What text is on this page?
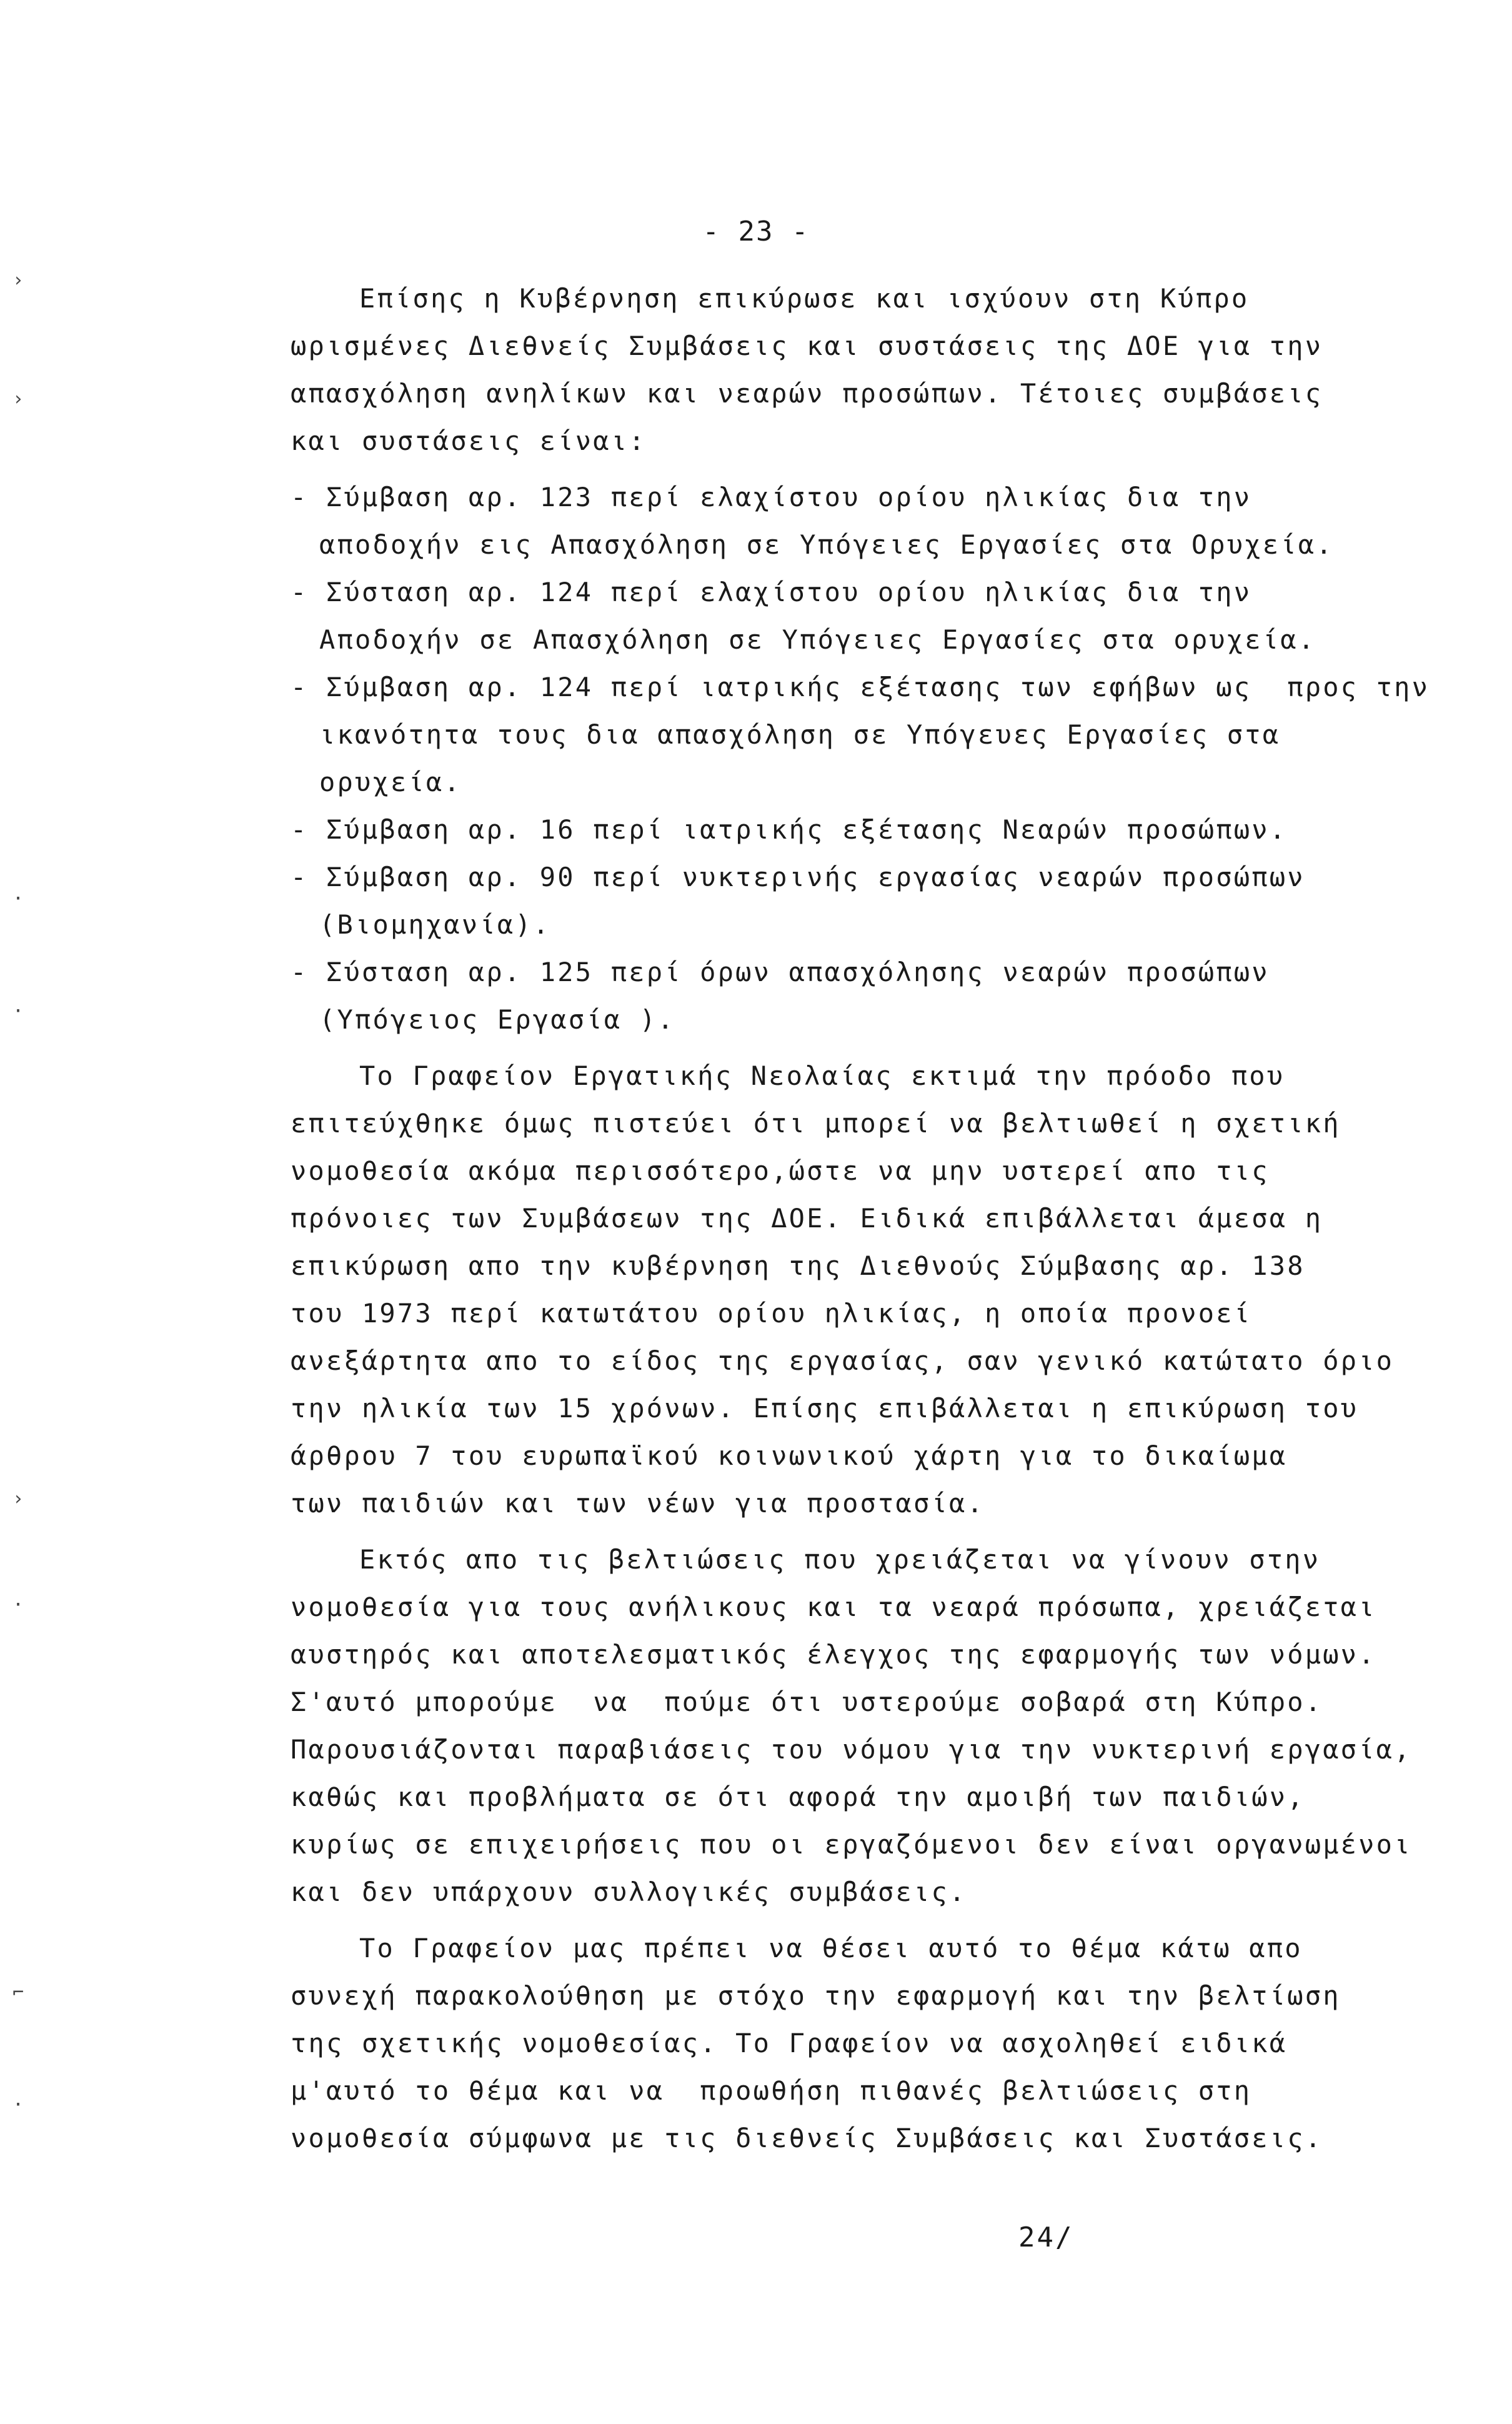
›
›
·
·
›
·
⌐
·
- 23 -
Επίσης η Κυβέρνηση επικύρωσε και ισχύουν στη Κύπρο
ωρισμένες Διεθνείς Συμβάσεις και συστάσεις της ΔΟΕ για την
απασχόληση ανηλίκων και νεαρών προσώπων. Τέτοιες συμβάσεις
και συστάσεις είναι:
- Σύμβαση αρ. 123 περί ελαχίστου ορίου ηλικίας δια την
αποδοχήν εις Απασχόληση σε Υπόγειες Εργασίες στα Ορυχεία.
- Σύσταση αρ. 124 περί ελαχίστου ορίου ηλικίας δια την
Αποδοχήν σε Απασχόληση σε Υπόγειες Εργασίες στα ορυχεία.
- Σύμβαση αρ. 124 περί ιατρικής εξέτασης των εφήβων ως  προς την
ικανότητα τους δια απασχόληση σε Υπόγευες Εργασίες στα
ορυχεία.
- Σύμβαση αρ. 16 περί ιατρικής εξέτασης Νεαρών προσώπων.
- Σύμβαση αρ. 90 περί νυκτερινής εργασίας νεαρών προσώπων
(Βιομηχανία).
- Σύσταση αρ. 125 περί όρων απασχόλησης νεαρών προσώπων
(Υπόγειος Εργασία ).
Το Γραφείον Εργατικής Νεολαίας εκτιμά την πρόοδο που
επιτεύχθηκε όμως πιστεύει ότι μπορεί να βελτιωθεί η σχετική
νομοθεσία ακόμα περισσότερο,ώστε να μην υστερεί απο τις
πρόνοιες των Συμβάσεων της ΔΟΕ. Ειδικά επιβάλλεται άμεσα η
επικύρωση απο την κυβέρνηση της Διεθνούς Σύμβασης αρ. 138
του 1973 περί κατωτάτου ορίου ηλικίας, η οποία προνοεί
ανεξάρτητα απο το είδος της εργασίας, σαν γενικό κατώτατο όριο
την ηλικία των 15 χρόνων. Επίσης επιβάλλεται η επικύρωση του
άρθρου 7 του ευρωπαϊκού κοινωνικού χάρτη για το δικαίωμα
των παιδιών και των νέων για προστασία.
Εκτός απο τις βελτιώσεις που χρειάζεται να γίνουν στην
νομοθεσία για τους ανήλικους και τα νεαρά πρόσωπα, χρειάζεται
αυστηρός και αποτελεσματικός έλεγχος της εφαρμογής των νόμων.
Σ'αυτό μπορούμε  να  πούμε ότι υστερούμε σοβαρά στη Κύπρο.
Παρουσιάζονται παραβιάσεις του νόμου για την νυκτερινή εργασία,
καθώς και προβλήματα σε ότι αφορά την αμοιβή των παιδιών,
κυρίως σε επιχειρήσεις που οι εργαζόμενοι δεν είναι οργανωμένοι
και δεν υπάρχουν συλλογικές συμβάσεις.
Το Γραφείον μας πρέπει να θέσει αυτό το θέμα κάτω απο
συνεχή παρακολούθηση με στόχο την εφαρμογή και την βελτίωση
της σχετικής νομοθεσίας. Το Γραφείον να ασχοληθεί ειδικά
μ'αυτό το θέμα και να  προωθήση πιθανές βελτιώσεις στη
νομοθεσία σύμφωνα με τις διεθνείς Συμβάσεις και Συστάσεις.
24/
